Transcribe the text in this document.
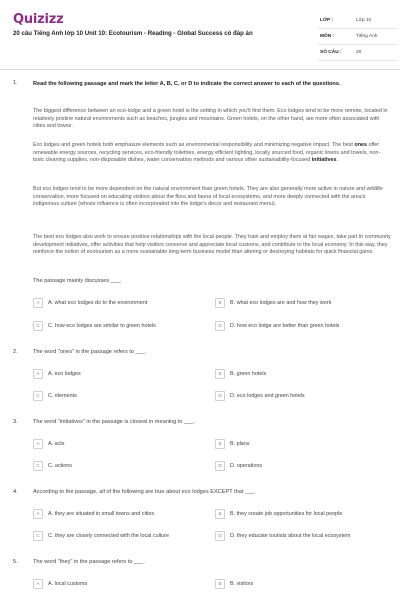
Quizizz
20 câu Tiếng Anh lớp 10 Unit 10: Ecotourism - Reading - Global Success có đáp án
LỚP :	Lớp 10
MÔN :	Tiếng Anh
SỐ CÂU :	20
1.	Read the following passage and mark the letter A, B, C, or D to indicate the correct answer to each of the questions.

The biggest difference between an eco-lodge and a green hotel is the setting in which you'll find them. Eco lodges tend to be more remote, located in relatively pristine natural environments such as beaches, jungles and mountains. Green hotels, on the other hand, are more often associated with cities and towns.

Eco lodges and green hotels both emphasize elements such as environmental responsibility and minimizing negative impact. The best ones offer renewable energy sources, recycling services, eco-friendly toiletries, energy efficient lighting, locally sourced food, organic linens and towels, non-toxic cleaning supplies, non-disposable dishes, water conservation methods and various other sustainability-focused initiatives.

But eco lodges tend to be more dependent on the natural environment than green hotels. They are also generally more active in nature and wildlife conservation, more focused on educating visitors about the flora and fauna of local ecosystems, and more deeply connected with the area's indigenous culture (whose influence is often incorporated into the lodge's decor and restaurant menu).

The best eco lodges also work to ensure positive relationships with the local people. They train and employ them at fair wages, take part in community development initiatives, offer activities that help visitors conserve and appreciate local customs, and contribute to the local economy. In this way, they reinforce the notion of ecotourism as a more sustainable long-term business model than altering or destroying habitats for quick financial gains.

The passage mainly discusses ___.
A	A. what eco lodges do to the environment	B	B. what eco lodges are and how they work
C	C. how eco lodges are similar to green hotels	D	D. how eco lodge are better than green hotels
2.	The word "ones" in the passage refers to ___.
A	A. eco lodges	B	B. green hotels
C	C. elements	D	D. eco lodges and green hotels
3.	The word "initiatives" in the passage is closest in meaning to ___.
A	A. acts	B	B. plans
C	C. actions	D	D. operations
4.	According to the passage, all of the following are true about eco lodges EXCEPT that ___.
A	A. they are situated in small towns and cities	B	B. they create job opportunities for local people
C	C. they are closely connected with the local culture	D	D. they educate tourists about the local ecosystem
5.	The word "they" in the passage refers to ___.
A	A. local customs	B	B. visitors
